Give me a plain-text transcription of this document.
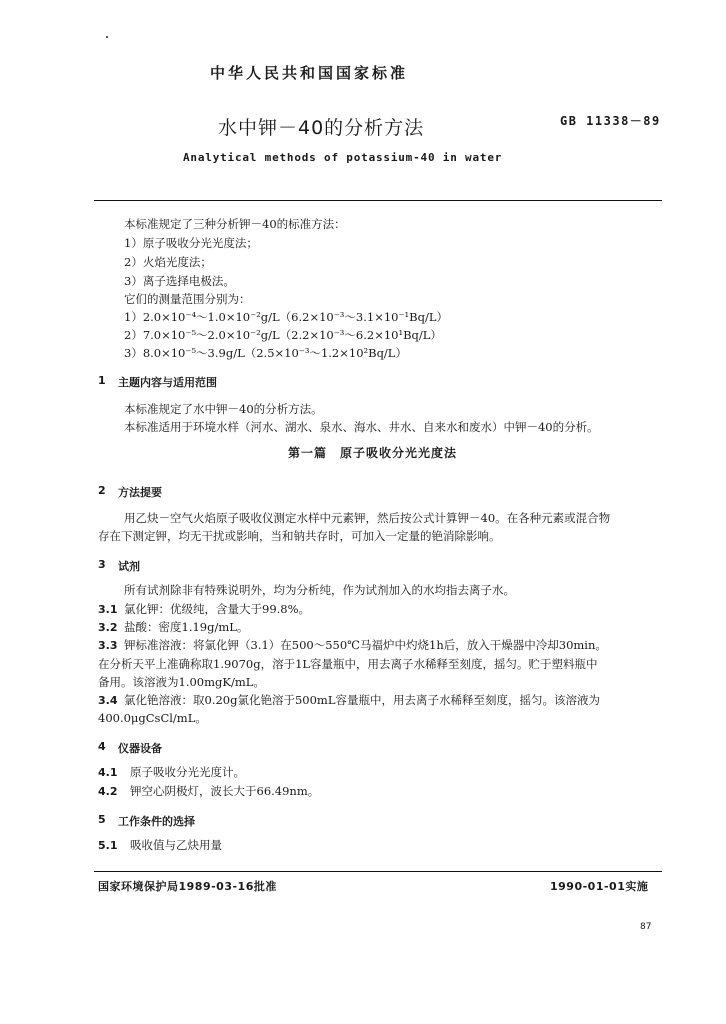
中华人民共和国国家标准
水中钾－40的分析方法	GB 11338－89
Analytical methods of potassium-40 in water
本标准规定了三种分析钾－40的标准方法：
1）原子吸收分光光度法；
2）火焰光度法；
3）离子选择电极法。
它们的测量范围分别为：
1）2.0×10⁻⁴～1.0×10⁻²g/L（6.2×10⁻³～3.1×10⁻¹Bq/L）
2）7.0×10⁻⁵～2.0×10⁻²g/L（2.2×10⁻³～6.2×10¹Bq/L）
3）8.0×10⁻⁵～3.9g/L（2.5×10⁻³～1.2×10²Bq/L）
1 主题内容与适用范围
本标准规定了水中钾－40的分析方法。
本标准适用于环境水样（河水、湖水、泉水、海水、井水、自来水和废水）中钾－40的分析。
第一篇　原子吸收分光光度法
2 方法提要
用乙炔－空气火焰原子吸收仪测定水样中元素钾，然后按公式计算钾－40。在各种元素或混合物
存在下测定钾，均无干扰或影响，当和钠共存时，可加入一定量的铯消除影响。
3 试剂
所有试剂除非有特殊说明外，均为分析纯，作为试剂加入的水均指去离子水。
3.1 氯化钾：优级纯，含量大于99.8%。
3.2 盐酸：密度1.19g/mL。
3.3 钾标准溶液：将氯化钾（3.1）在500～550℃马福炉中灼烧1h后，放入干燥器中冷却30min。
在分析天平上准确称取1.9070g，溶于1L容量瓶中，用去离子水稀释至刻度，摇匀。贮于塑料瓶中
备用。该溶液为1.00mgK/mL。
3.4 氯化铯溶液：取0.20g氯化铯溶于500mL容量瓶中，用去离子水稀释至刻度，摇匀。该溶液为
400.0μgCsCl/mL。
4 仪器设备
4.1 原子吸收分光光度计。
4.2 钾空心阴极灯，波长大于66.49nm。
5 工作条件的选择
5.1 吸收值与乙炔用量
国家环境保护局1989-03-16批准	1990-01-01实施
87
